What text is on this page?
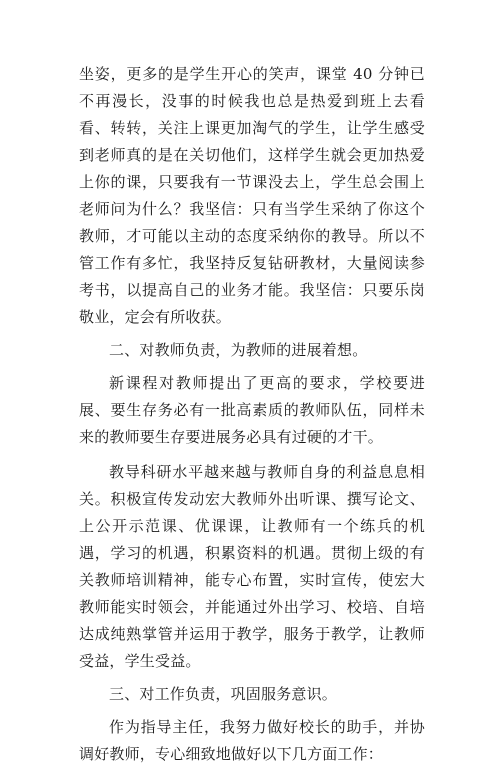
坐姿，更多的是学生开心的笑声，课堂 40 分钟已不再漫长，没事的时候我也总是热爱到班上去看看、转转，关注上课更加淘气的学生，让学生感受到老师真的是在关切他们，这样学生就会更加热爱上你的课，只要我有一节课没去上，学生总会围上老师问为什么？我坚信：只有当学生采纳了你这个教师，才可能以主动的态度采纳你的教导。所以不管工作有多忙，我坚持反复钻研教材，大量阅读参考书，以提高自己的业务才能。我坚信：只要乐岗敬业，定会有所收获。

二、对教师负责，为教师的进展着想。

新课程对教师提出了更高的要求，学校要进展、要生存务必有一批高素质的教师队伍，同样未来的教师要生存要进展务必具有过硬的才干。

教导科研水平越来越与教师自身的利益息息相关。积极宣传发动宏大教师外出听课、撰写论文、上公开示范课、优课课，让教师有一个练兵的机遇，学习的机遇，积累资料的机遇。贯彻上级的有关教师培训精神，能专心布置，实时宣传，使宏大教师能实时领会，并能通过外出学习、校培、自培达成纯熟掌管并运用于教学，服务于教学，让教师受益，学生受益。

三、对工作负责，巩固服务意识。

作为指导主任，我努力做好校长的助手，并协调好教师，专心细致地做好以下几方面工作：
